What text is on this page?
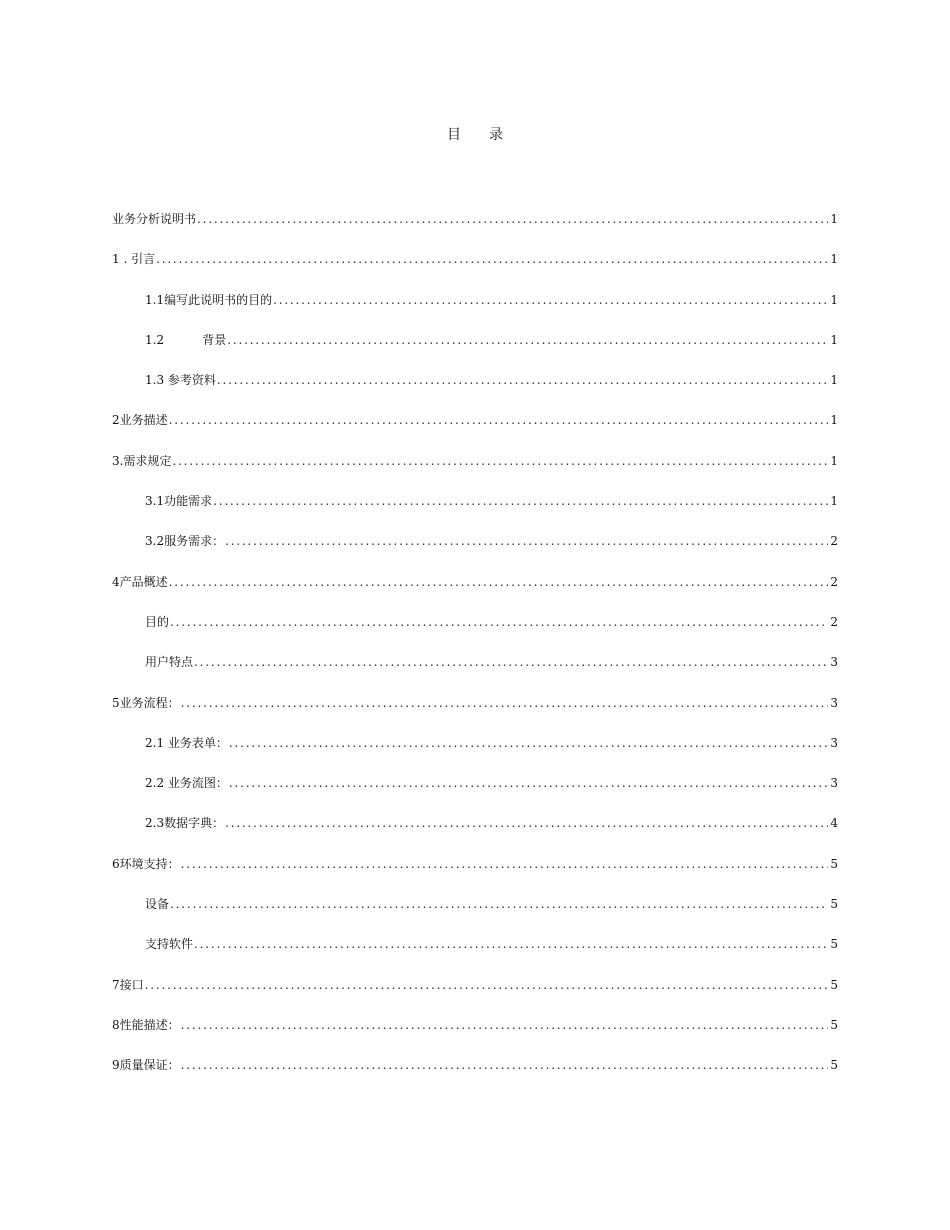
目 录
业务分析说明书 .....	1
1 . 引言 .....	1
1.1编写此说明书的目的 .....	1
1.2          背景 .....	1
1.3 参考资料 .....	1
2业务描述 .....	1
3.需求规定 .....	1
3.1功能需求 .....	1
3.2服务需求： .....	2
4产品概述 .....	2
目的 .....	2
用户特点 .....	3
5业务流程： .....	3
2.1 业务表单： .....	3
2.2 业务流图： .....	3
2.3数据字典： .....	4
6环境支持： .....	5
设备 .....	5
支持软件 .....	5
7接口 .....	5
8性能描述： .....	5
9质量保证： .....	5
